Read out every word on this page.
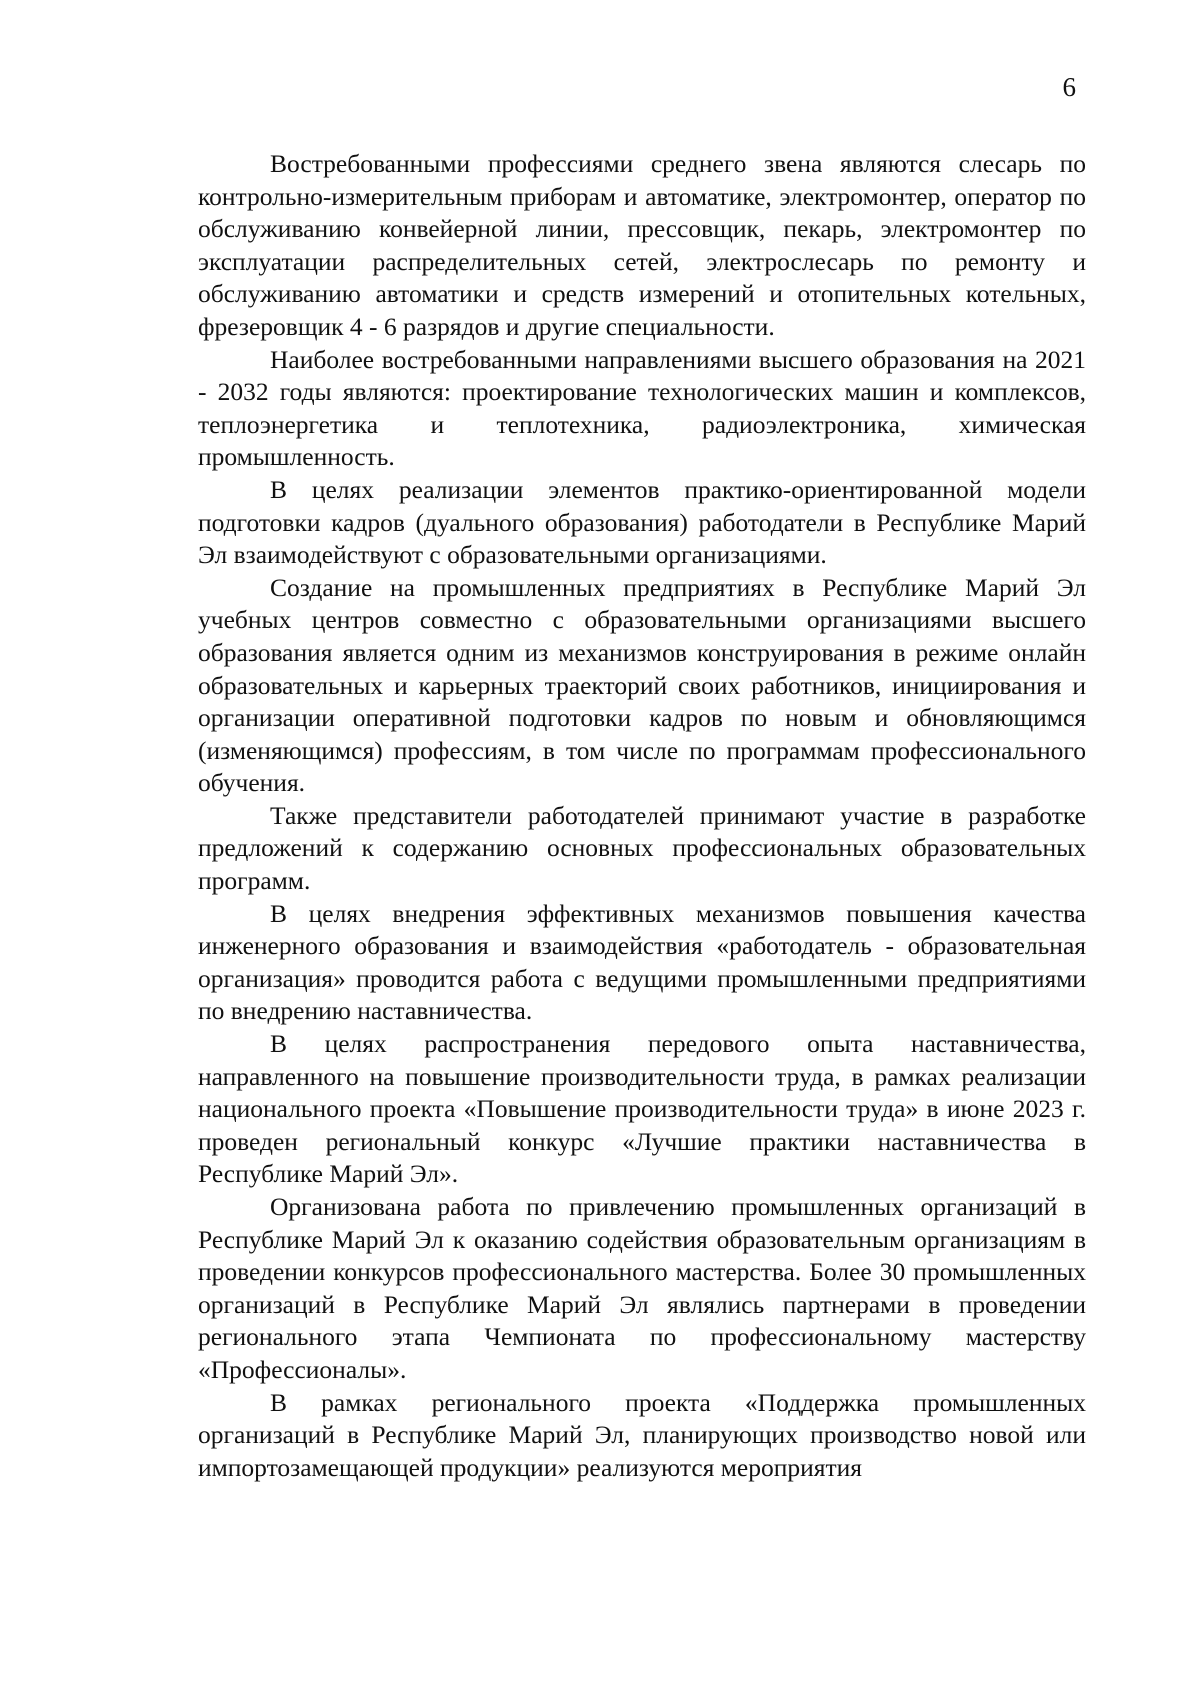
6

Востребованными профессиями среднего звена являются слесарь по контрольно-измерительным приборам и автоматике, электромонтер, оператор по обслуживанию конвейерной линии, прессовщик, пекарь, электромонтер по эксплуатации распределительных сетей, электрослесарь по ремонту и обслуживанию автоматики и средств измерений и отопительных котельных, фрезеровщик 4 - 6 разрядов и другие специальности.

Наиболее востребованными направлениями высшего образования на 2021 - 2032 годы являются: проектирование технологических машин и комплексов, теплоэнергетика и теплотехника, радиоэлектроника, химическая промышленность.

В целях реализации элементов практико-ориентированной модели подготовки кадров (дуального образования) работодатели в Республике Марий Эл взаимодействуют с образовательными организациями.

Создание на промышленных предприятиях в Республике Марий Эл учебных центров совместно с образовательными организациями высшего образования является одним из механизмов конструирования в режиме онлайн образовательных и карьерных траекторий своих работников, инициирования и организации оперативной подготовки кадров по новым и обновляющимся (изменяющимся) профессиям, в том числе по программам профессионального обучения.

Также представители работодателей принимают участие в разработке предложений к содержанию основных профессиональных образовательных программ.

В целях внедрения эффективных механизмов повышения качества инженерного образования и взаимодействия «работодатель - образовательная организация» проводится работа с ведущими промышленными предприятиями по внедрению наставничества.

В целях распространения передового опыта наставничества, направленного на повышение производительности труда, в рамках реализации национального проекта «Повышение производительности труда» в июне 2023 г. проведен региональный конкурс «Лучшие практики наставничества в Республике Марий Эл».

Организована работа по привлечению промышленных организаций в Республике Марий Эл к оказанию содействия образовательным организациям в проведении конкурсов профессионального мастерства. Более 30 промышленных организаций в Республике Марий Эл являлись партнерами в проведении регионального этапа Чемпионата по профессиональному мастерству «Профессионалы».

В рамках регионального проекта «Поддержка промышленных организаций в Республике Марий Эл, планирующих производство новой или импортозамещающей продукции» реализуются мероприятия
